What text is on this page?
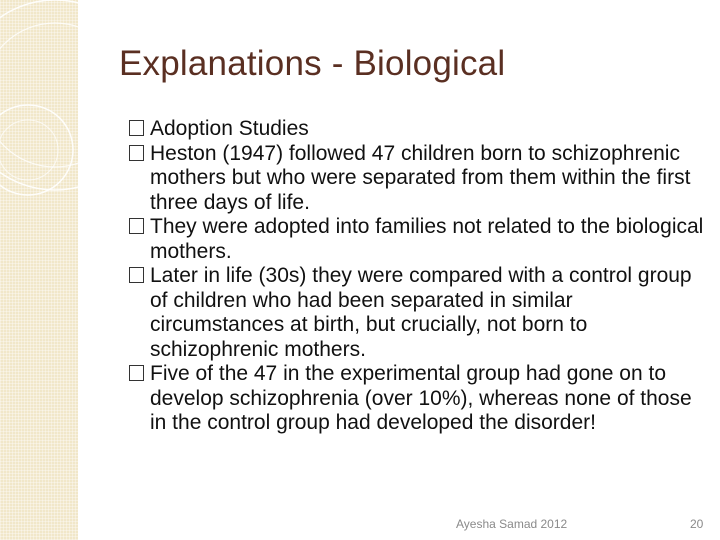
Explanations - Biological
Adoption Studies
Heston (1947) followed 47 children born to schizophrenic mothers but who were separated from them within the first three days of life.
They were adopted into families not related to the biological mothers.
Later in life (30s) they were compared with a control group of children who had been separated in similar circumstances at birth, but crucially, not born to schizophrenic mothers.
Five of the 47 in the experimental group had gone on to develop schizophrenia (over 10%), whereas none of those in the control group had developed the disorder!
Ayesha Samad 2012	20
